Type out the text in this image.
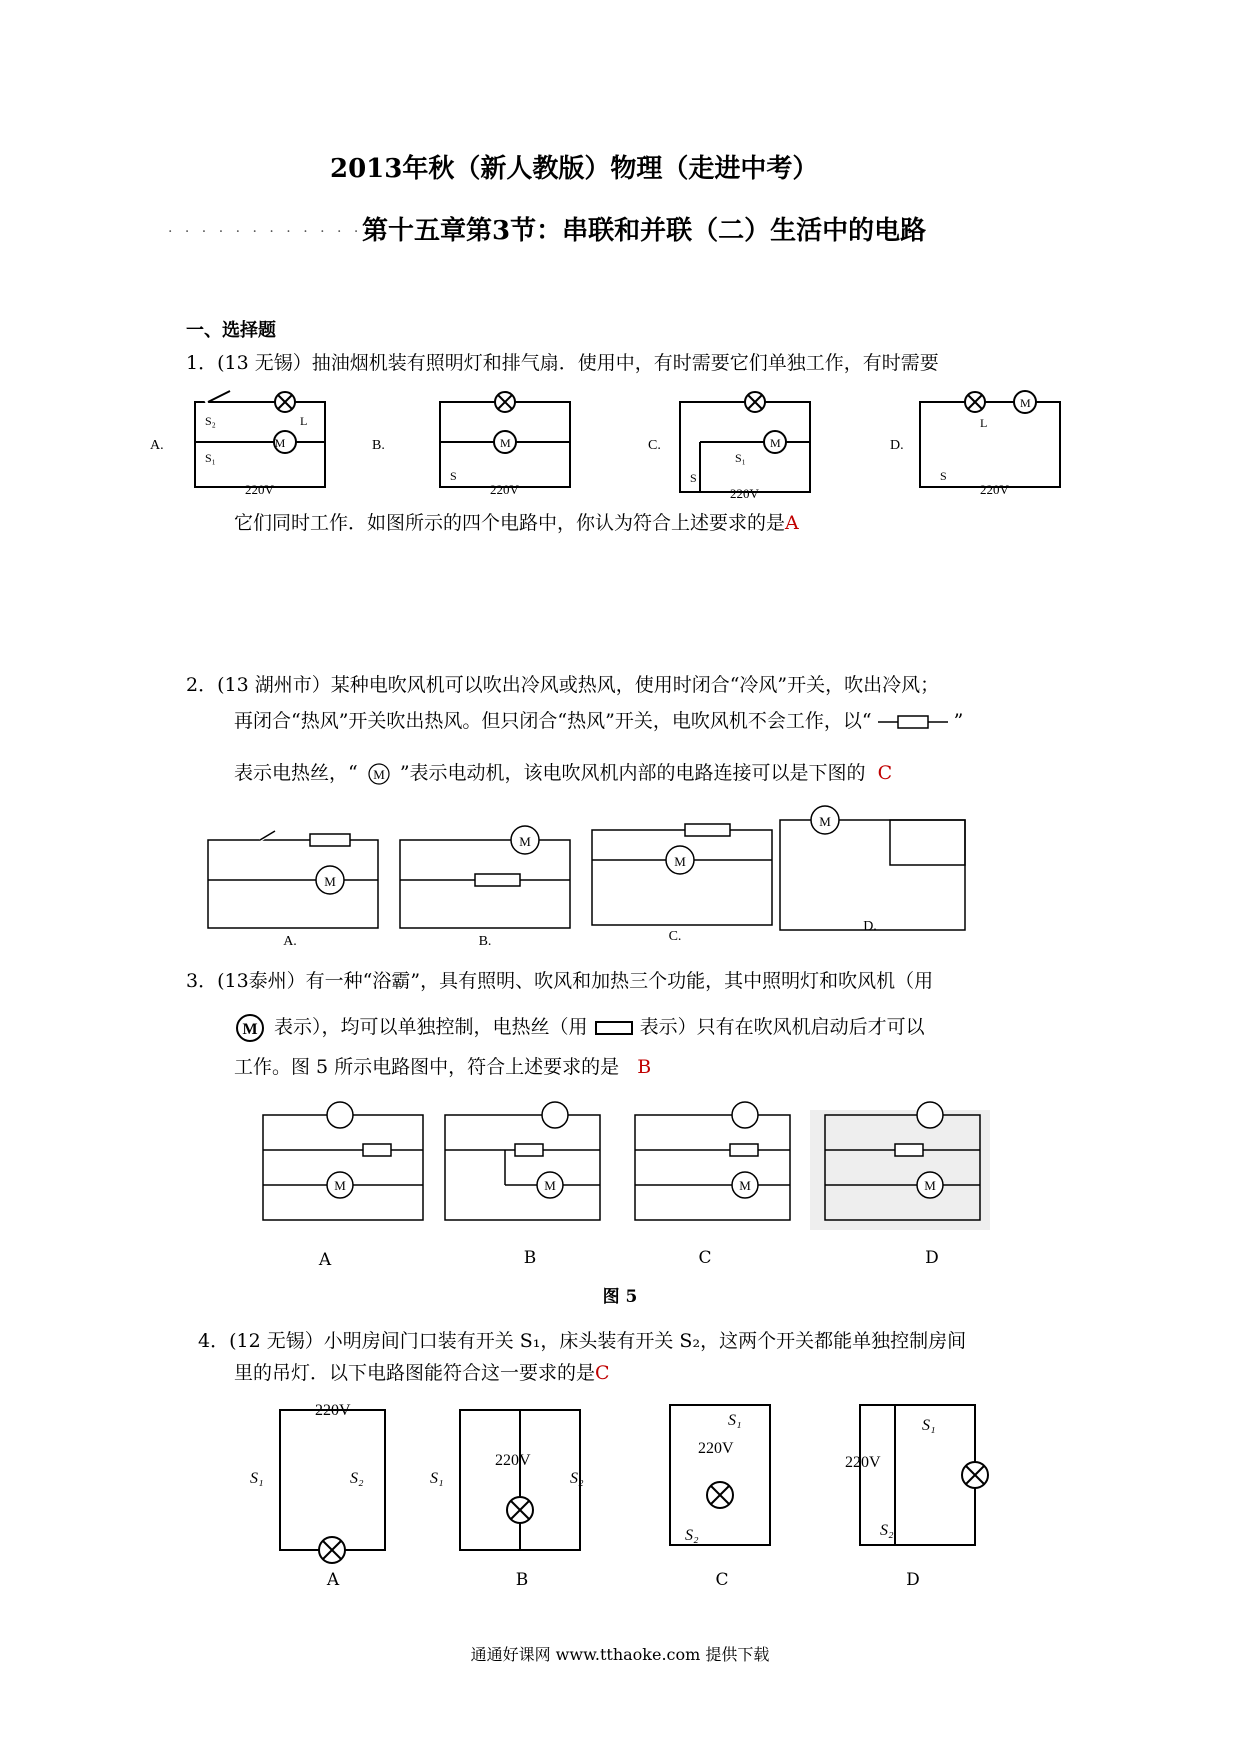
2013年秋（新人教版）物理（走进中考）
· · · · · · · · · · · · 第十五章第3节：串联和并联（二）生活中的电路
一、选择题
1．(13 无锡）抽油烟机装有照明灯和排气扇．使用中，有时需要它们单独工作，有时需要
A.	M
S₂
S₁
L
220V
B.	M
S
220V
C.	M
S₁
S
220V
D.
M
L
S
220V
它们同时工作．如图所示的四个电路中，你认为符合上述要求的是A
2．(13 湖州市）某种电吹风机可以吹出冷风或热风，使用时闭合“冷风”开关，吹出冷风；
再闭合“热风”开关吹出热风。但只闭合“热风”开关，电吹风机不会工作，以“	”
表示电热丝，“ M ”表示电动机，该电吹风机内部的电路连接可以是下图的 C
M
M
M
M
A.	B.	C.
D.
3．(13泰州）有一种“浴霸”，具有照明、吹风和加热三个功能，其中照明灯和吹风机（用
M 表示），均可以单独控制，电热丝（用	表示）只有在吹风机启动后才可以
工作。图 5 所示电路图中，符合上述要求的是 B
M	M	M	M
A	B	C	D
图 5
4．(12 无锡）小明房间门口装有开关 S₁，床头装有开关 S₂，这两个开关都能单独控制房间
里的吊灯．以下电路图能符合这一要求的是C
220V
S₁	S₂
220V
S₁	S₂
S₁
220V
S₂
S₁
220V
S₂
A	B	C	D
通通好课网 www.tthaoke.com 提供下载
